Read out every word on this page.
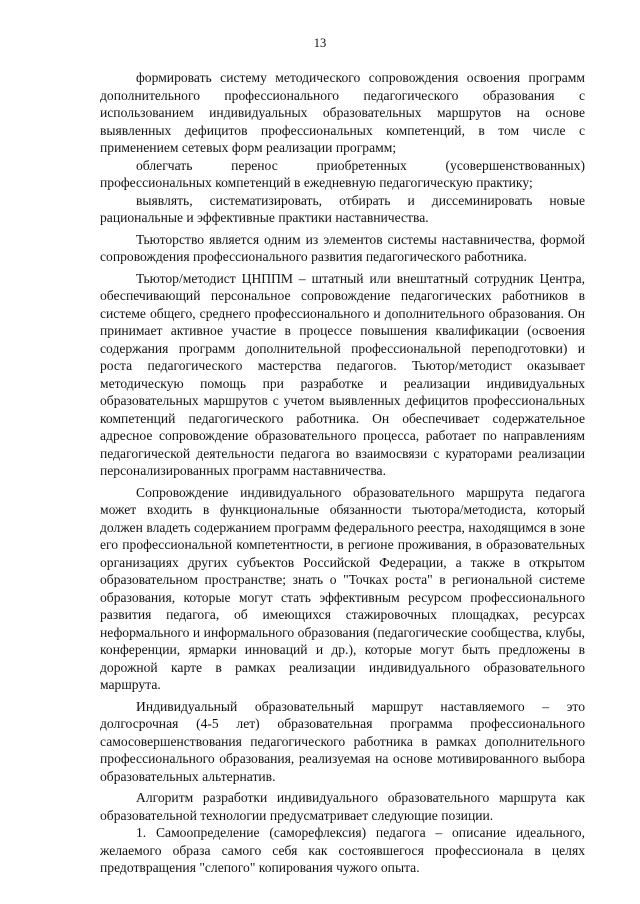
13

формировать систему методического сопровождения освоения программ дополнительного профессионального педагогического образования с использованием индивидуальных образовательных маршрутов на основе выявленных дефицитов профессиональных компетенций, в том числе с применением сетевых форм реализации программ;

облегчать перенос приобретенных (усовершенствованных) профессиональных компетенций в ежедневную педагогическую практику;

выявлять, систематизировать, отбирать и диссеминировать новые рациональные и эффективные практики наставничества.

Тьюторство является одним из элементов системы наставничества, формой сопровождения профессионального развития педагогического работника.

Тьютор/методист ЦНППМ – штатный или внештатный сотрудник Центра, обеспечивающий персональное сопровождение педагогических работников в системе общего, среднего профессионального и дополнительного образования. Он принимает активное участие в процессе повышения квалификации (освоения содержания программ дополнительной профессиональной переподготовки) и роста педагогического мастерства педагогов. Тьютор/методист оказывает методическую помощь при разработке и реализации индивидуальных образовательных маршрутов с учетом выявленных дефицитов профессиональных компетенций педагогического работника. Он обеспечивает содержательное адресное сопровождение образовательного процесса, работает по направлениям педагогической деятельности педагога во взаимосвязи с кураторами реализации персонализированных программ наставничества.

Сопровождение индивидуального образовательного маршрута педагога может входить в функциональные обязанности тьютора/методиста, который должен владеть содержанием программ федерального реестра, находящимся в зоне его профессиональной компетентности, в регионе проживания, в образовательных организациях других субъектов Российской Федерации, а также в открытом образовательном пространстве; знать о "Точках роста" в региональной системе образования, которые могут стать эффективным ресурсом профессионального развития педагога, об имеющихся стажировочных площадках, ресурсах неформального и информального образования (педагогические сообщества, клубы, конференции, ярмарки инноваций и др.), которые могут быть предложены в дорожной карте в рамках реализации индивидуального образовательного маршрута.

Индивидуальный образовательный маршрут наставляемого – это долгосрочная (4-5 лет) образовательная программа профессионального самосовершенствования педагогического работника в рамках дополнительного профессионального образования, реализуемая на основе мотивированного выбора образовательных альтернатив.

Алгоритм разработки индивидуального образовательного маршрута как образовательной технологии предусматривает следующие позиции.

1. Самоопределение (саморефлексия) педагога – описание идеального, желаемого образа самого себя как состоявшегося профессионала в целях предотвращения "слепого" копирования чужого опыта.
